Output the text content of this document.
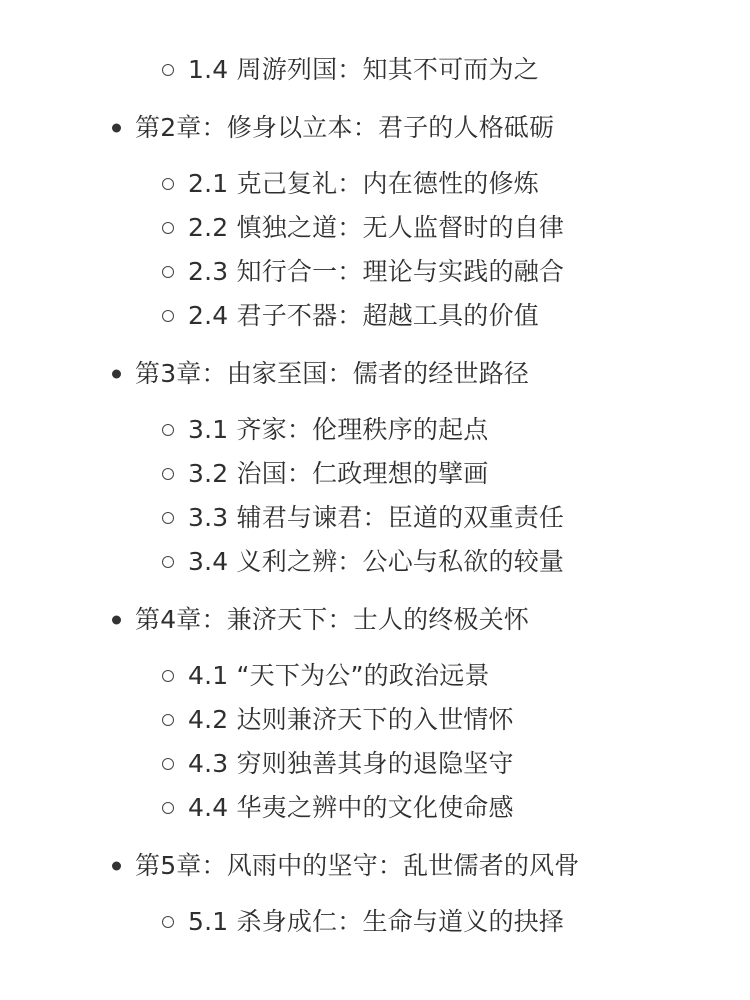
1.4 周游列国：知其不可而为之
第2章：修身以立本：君子的人格砥砺
2.1 克己复礼：内在德性的修炼
2.2 慎独之道：无人监督时的自律
2.3 知行合一：理论与实践的融合
2.4 君子不器：超越工具的价值
第3章：由家至国：儒者的经世路径
3.1 齐家：伦理秩序的起点
3.2 治国：仁政理想的擘画
3.3 辅君与谏君：臣道的双重责任
3.4 义利之辨：公心与私欲的较量
第4章：兼济天下：士人的终极关怀
4.1 “天下为公”的政治远景
4.2 达则兼济天下的入世情怀
4.3 穷则独善其身的退隐坚守
4.4 华夷之辨中的文化使命感
第5章：风雨中的坚守：乱世儒者的风骨
5.1 杀身成仁：生命与道义的抉择
